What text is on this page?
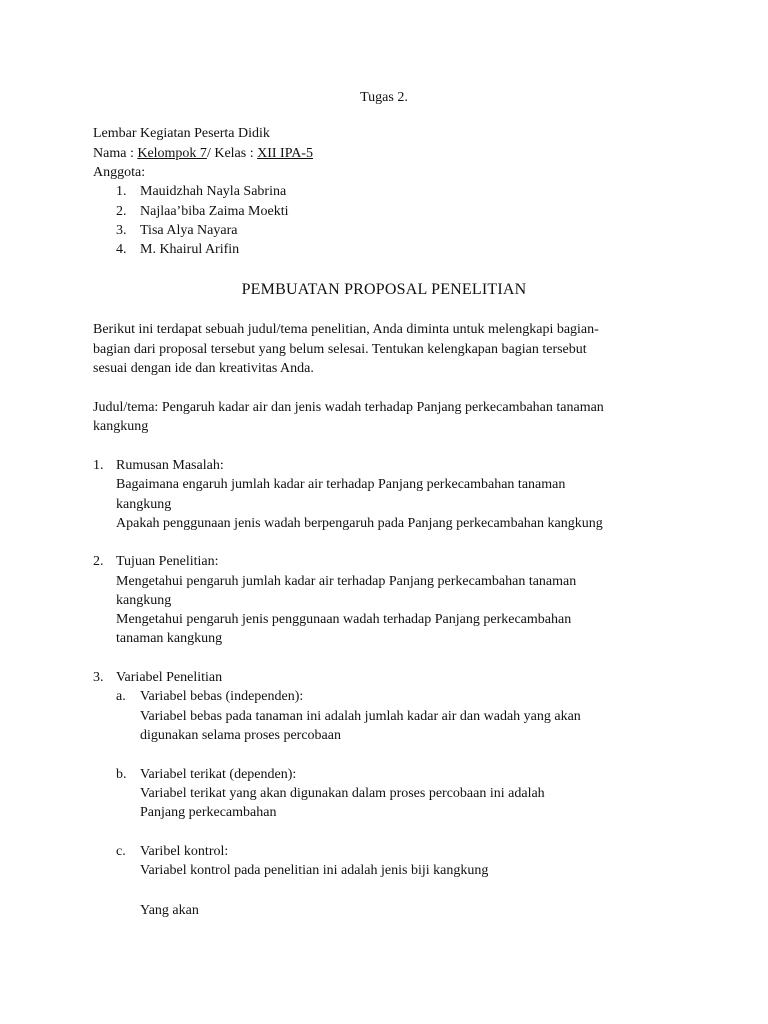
Tugas 2.
Lembar Kegiatan Peserta Didik
Nama : Kelompok 7/ Kelas : XII IPA-5
Anggota:
1. Mauidzhah Nayla Sabrina
2. Najlaa’biba Zaima Moekti
3. Tisa Alya Nayara
4. M. Khairul Arifin
PEMBUATAN PROPOSAL PENELITIAN
Berikut ini terdapat sebuah judul/tema penelitian, Anda diminta untuk melengkapi bagian-
bagian dari proposal tersebut yang belum selesai. Tentukan kelengkapan bagian tersebut
sesuai dengan ide dan kreativitas Anda.
Judul/tema: Pengaruh kadar air dan jenis wadah terhadap Panjang perkecambahan tanaman
kangkung
1. Rumusan Masalah:
Bagaimana engaruh jumlah kadar air terhadap Panjang perkecambahan tanaman
kangkung
Apakah penggunaan jenis wadah berpengaruh pada Panjang perkecambahan kangkung
2. Tujuan Penelitian:
Mengetahui pengaruh jumlah kadar air terhadap Panjang perkecambahan tanaman
kangkung
Mengetahui pengaruh jenis penggunaan wadah terhadap Panjang perkecambahan
tanaman kangkung
3. Variabel Penelitian
a. Variabel bebas (independen):
Variabel bebas pada tanaman ini adalah jumlah kadar air dan wadah yang akan
digunakan selama proses percobaan
b. Variabel terikat (dependen):
Variabel terikat yang akan digunakan dalam proses percobaan ini adalah
Panjang perkecambahan
c. Varibel kontrol:
Variabel kontrol pada penelitian ini adalah jenis biji kangkung
Yang akan
